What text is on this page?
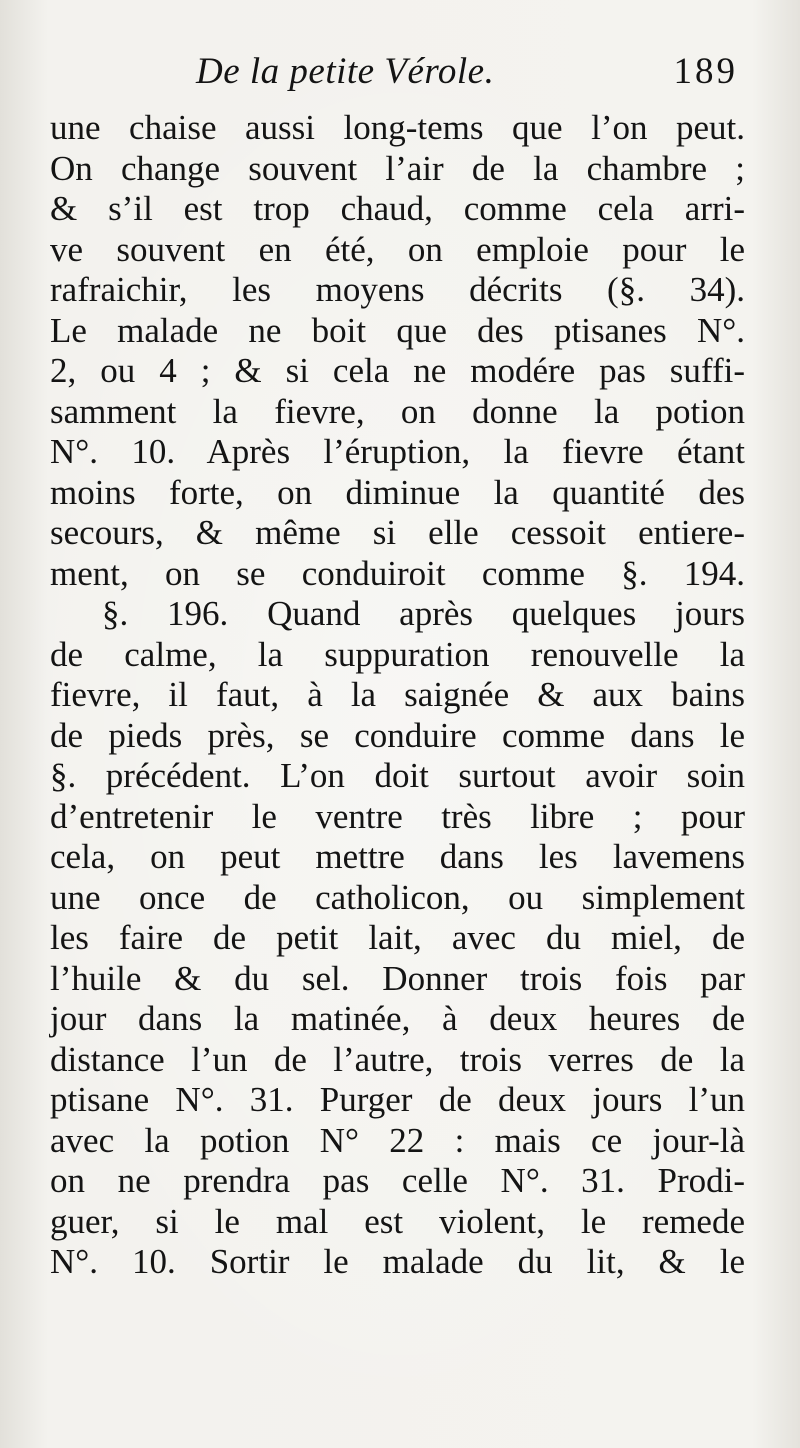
De la petite Vérole.	189
une chaise aussi long-tems que l’on peut.
On change souvent l’air de la chambre ;
& s’il est trop chaud, comme cela arri-
ve souvent en été, on emploie pour le
rafraichir, les moyens décrits (§. 34).
Le malade ne boit que des ptisanes N°.
2, ou 4 ; & si cela ne modére pas suffi-
samment la fievre, on donne la potion
N°. 10. Après l’éruption, la fievre étant
moins forte, on diminue la quantité des
secours, & même si elle cessoit entiere-
ment, on se conduiroit comme §. 194.
§. 196. Quand après quelques jours
de calme, la suppuration renouvelle la
fievre, il faut, à la saignée & aux bains
de pieds près, se conduire comme dans le
§. précédent. L’on doit surtout avoir soin
d’entretenir le ventre très libre ; pour
cela, on peut mettre dans les lavemens
une once de catholicon, ou simplement
les faire de petit lait, avec du miel, de
l’huile & du sel. Donner trois fois par
jour dans la matinée, à deux heures de
distance l’un de l’autre, trois verres de la
ptisane N°. 31. Purger de deux jours l’un
avec la potion N° 22 : mais ce jour-là
on ne prendra pas celle N°. 31. Prodi-
guer, si le mal est violent, le remede
N°. 10. Sortir le malade du lit, & le
